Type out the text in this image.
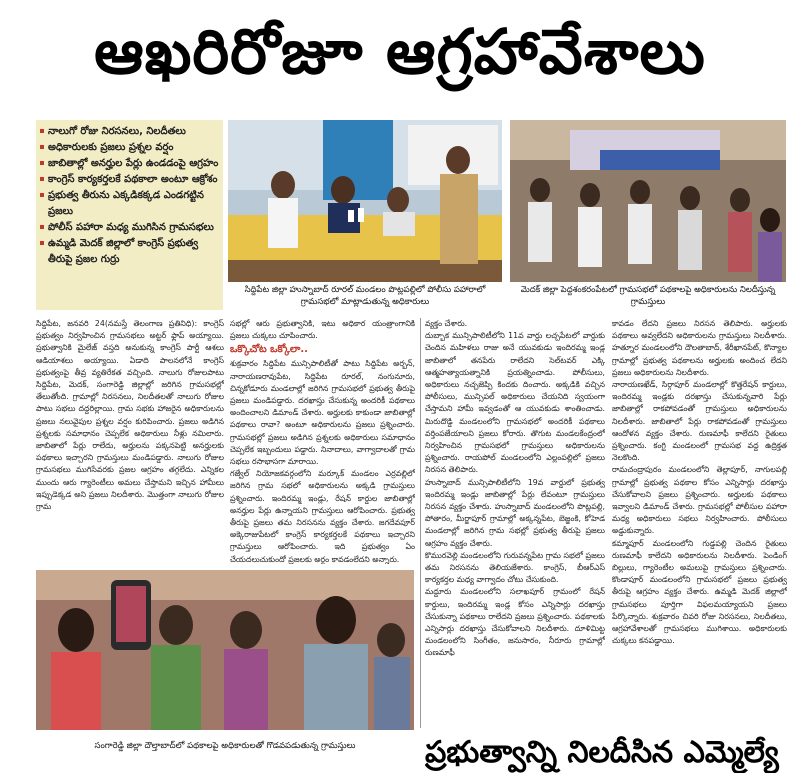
ఆఖరిరోజూ ఆగ్రహావేశాలు
నాలుగో రోజు నిరసనలు, నిలదీతలు
అధికారులకు ప్రజలు ప్రశ్నల వర్షం
జాబితాల్లో అనర్హుల పేర్లు ఉండడంపై ఆగ్రహం
కాంగ్రెస్ కార్యకర్తలకే పథకాలా అంటూ ఆక్రోశం
ప్రభుత్వ తీరును ఎక్కడికక్కడ ఎండగట్టిన ప్రజలు
పోలీస్ పహారా మధ్య ముగిసిన గ్రామసభలు
ఉమ్మడి మెదక్ జిల్లాలో కాంగ్రెస్ ప్రభుత్వ తీరుపై ప్రజల గుర్రు
సిద్దిపేట జిల్లా హుస్నాబాద్ రూరల్ మండలం పొట్లపల్లిలో పోలీసు పహారాలో గ్రామసభలో మాట్లాడుతున్న అధికారులు
మెదక్ జిల్లా పెద్దశంకరంపేటలో గ్రామసభలో పథకాలపై అధికారులను నిలదీస్తున్న గ్రామస్తులు

సిద్దిపేట, జనవరి 24(నమస్తే తెలంగాణ ప్రతినిధి): కాంగ్రెస్ ప్రభుత్వం నిర్వహించిన గ్రామసభలు అట్టర్ ఫ్లాప్ అయ్యాయి. ప్రభుత్వానికి మైలేజ్ వస్తది అనుకున్న కాంగ్రెస్ పార్టీ ఆశలు ఆడియాశలు అయ్యాయి. ఏడాది పాలనలోనే కాంగ్రెస్ ప్రభుత్వంపై తీవ్ర వ్యతిరేకత వచ్చింది. నాలుగు రోజులపాటు సిద్దిపేట, మెదక్, సంగారెడ్డి జిల్లాల్లో జరిగిన గ్రామసభల్లో తేలుతోంది. గ్రామాల్లో నిరసనలు, నిలదీతలతో నాలుగు రోజుల పాటు సభలు దద్దరిల్లాయి. గ్రామ సభకు హాజరైన అధికారులను ప్రజలు నలువైపుల ప్రశ్నల వర్షం కురిపించారు. ప్రజలు అడిగిన ప్రశ్నలకు సమాధానం చెప్పలేక అధికారులు నీళ్లు నమిలారు. జాబితాలో పేర్లు రాలేదు, అర్హులను పక్కనపెట్టి అనర్హులకు పథకాలు ఇచ్చారని గ్రామస్తులు మండిపడ్డారు. నాలుగు రోజుల గ్రామసభలు ముగిసేవరకు ప్రజల ఆగ్రహం తగ్గలేదు. ఎన్నికల ముందు ఆరు గ్యారెంటీలు అమలు చేస్తామని ఇచ్చిన హామీలు ఇప్పుడెక్కడ అని ప్రజలు నిలదీశారు. మొత్తంగా నాలుగు రోజుల గ్రామ

సభల్లో ఆరు ప్రభుత్వానికి, ఇటు అధికార యంత్రాంగానికి ప్రజలు చుక్కలు చూపించారు.

ఒక్కొచోట ఒక్కోలా..

శుక్రవారం సిద్దిపేట మున్సిపాలిటీతో పాటు సిద్దిపేట అర్బన్, నారాయణరావుపేట, సిద్దిపేట రూరల్, నంగునూరు, చిన్నకోడూరు మండలాల్లో జరిగిన గ్రామసభలో ప్రభుత్వ తీరుపై ప్రజలు మండిపడ్డారు. దరఖాస్తు చేసుకున్న అందరికీ పథకాలు అందించాలని డిమాండ్ చేశారు. అర్హులకు కాకుండా జాబితాల్లో పథకాలు రావా? అంటూ అధికారులను ప్రజలు ప్రశ్నించారు. గ్రామసభల్లో ప్రజలు అడిగిన ప్రశ్నలకు అధికారులు సమాధానం చెప్పలేక ఇబ్బందులు పడ్డారు. నినాదాలు, వాగ్వాదాలతో గ్రామ సభలు రసాభాసగా మారాయి.

గజ్వేల్ నియోజకవర్గంలోని మర్కూక్ మండలం ఎర్రవల్లిలో జరిగిన గ్రామ సభలో అధికారులను అక్కడి గ్రామస్తులు ప్రశ్నించారు. ఇందిరమ్మ ఇండ్లు, రేషన్ కార్డుల జాబితాల్లో అనర్హుల పేర్లు ఉన్నాయని గ్రామస్తులు ఆరోపించారు. ప్రభుత్వ తీరుపై ప్రజలు తమ నిరసనను వ్యక్తం చేశారు. జగదేవపూర్ అక్కెరాజుపేటలో కాంగ్రెస్ కార్యకర్తలకే పథకాలు ఇచ్చారని గ్రామస్తులు ఆరోపించారు. ఇది ప్రభుత్వం ఏం చేయదలుచుకుందో ప్రజలకు అర్థం కావడంలేదని అన్నారు.

వ్యక్తం చేశారు.

దుబ్బాక మున్సిపాలిటీలోని 11వ వార్డు లచ్చపేటలో వార్డుకు చెందిన మహిళలు రాజు అనే యువకుడు ఇందిరమ్మ ఇండ్ల జాబితాలో తనపేరు రాలేదని సెల్‌టవర్ ఎక్కి ఆత్మహత్యాయత్నానికి ప్రయత్నించాడు. పోలీసులు, అధికారులు నచ్చజెప్పి కిందకు దించారు. అక్కడికి వచ్చిన పోలీసులు, మున్సిపల్ అధికారులు చేయనిది స్వయంగా చేస్తామని హామీ ఇవ్వడంతో ఆ యువకుడు శాంతించాడు. మిరుదొడ్డి మండలంలోని గ్రామసభలో అందరికీ పథకాలు వర్తింపజేయాలని ప్రజలు కోరారు. తొగుట మండలకేంద్రంలో నిర్వహించిన గ్రామసభలో గ్రామస్తులు అధికారులను ప్రశ్నించారు. రాయపోల్ మండలంలోని ఎల్లంపల్లిలో ప్రజలు నిరసన తెలిపారు.

హుస్నాబాద్ మున్సిపాలిటీలోని 19వ వార్డులో ప్రభుత్వ ఇందిరమ్మ ఇండ్లు జాబితాల్లో పేర్లు లేవంటూ గ్రామస్తులు నిరసన వ్యక్తం చేశారు. హుస్నాబాద్ మండలంలోని పొట్లపల్లి, పోతారం, మీర్జాపూర్ గ్రామాల్లో అక్కన్నపేట, బెజ్జంకి, కోహెడ మండలాల్లో జరిగిన గ్రామ సభల్లో ప్రభుత్వ తీరుపై ప్రజలు ఆగ్రహం వ్యక్తం చేశారు.

కొమురవెల్లి మండలంలోని గురువన్నపేట గ్రామ సభలో ప్రజలు తమ నిరసనను తెలియజేశారు. కాంగ్రెస్, బీఆర్ఎస్ కార్యకర్తల మధ్య వాగ్వాదం చోటు చేసుకుంది.

మద్దూరు మండలంలోని సలాఖపూర్ గ్రామంలో రేషన్ కార్డులు, ఇందిరమ్మ ఇండ్ల కోసం ఎన్నిసార్లు దరఖాస్తు చేసుకున్నా పథకాలు రాలేదని ప్రజలు ప్రశ్నించారు. పథకాలకు ఎన్నిసార్లు దరఖాస్తు చేసుకోవాలని నిలదీశారు. దూళిమిట్ట మండలంలోని సింగీతం, జనుసారం, నీరూరు గ్రామాల్లో రుణమాఫీ

కావడం లేదని ప్రజలు నిరసన తెలిపారు. అర్హులకు పథకాలు అవ్వలేదని అధికారులను గ్రామస్తులు నిలదీశారు. హత్నూర మండలంలోని దౌలతాబాద్, శేరీఖానపేట్, కొన్యాల గ్రామాల్లో ప్రభుత్వ పథకాలను అర్హులకు అందించ లేదని ప్రజలు అధికారులను నిలదీశారు.

నారాయణఖేడ్, సిర్గాపూర్ మండలాల్లో కొత్తరేషన్ కార్డులు, ఇందిరమ్మ ఇండ్లకు దరఖాస్తు చేసుకున్నవారి పేర్లు జాబితాల్లో రాకపోవడంతో గ్రామస్తులు అధికారులను నిలదీశారు. జాబితాలో పేర్లు రాకపోవడంతో గ్రామస్తులు ఆందోళన వ్యక్తం చేశారు. రుణమాఫీ కాలేదని రైతులు ప్రశ్నించారు. కంగ్టి మండలంలో గ్రామసభ వద్ద ఉద్రిక్తత నెలకొంది.

రామచంద్రాపురం మండలంలోని తెల్లాపూర్, నాగులపల్లి గ్రామాల్లో ప్రభుత్వ పథకాల కోసం ఎన్నిసార్లు దరఖాస్తు చేసుకోవాలని ప్రజలు ప్రశ్నించారు. అర్హులకు పథకాలు ఇవ్వాలని డిమాండ్ చేశారు. గ్రామసభల్లో పోలీసుల పహారా మధ్య అధికారులు సభలు నిర్వహించారు. పోలీసులు అడ్డుకున్నారు.

కమ్మాపూర్ మండలంలోని గుడ్డపల్లి చెందిన రైతులు రుణమాఫీ కాలేదని అధికారులను నిలదీశారు. పెండింగ్ బిల్లులు, గ్యారెంటీల అమలుపై గ్రామస్తులు ప్రశ్నించారు. కొండాపూర్ మండలంలోని గ్రామసభలో ప్రజలు ప్రభుత్వ తీరుపై ఆగ్రహం వ్యక్తం చేశారు. ఉమ్మడి మెదక్ జిల్లాలో గ్రామసభలు పూర్తిగా విఫలమయ్యాయని ప్రజలు పేర్కొన్నారు. శుక్రవారం చివరి రోజు నిరసనలు, నిలదీతలు, ఆగ్రహావేశాలతో గ్రామసభలు ముగిశాయి. అధికారులకు చుక్కలు కనపడ్డాయి.

సంగారెడ్డి జిల్లా దౌల్తాబాద్‌లో పథకాలపై అధికారులతో గొడవపడుతున్న గ్రామస్తులు	ప్రభుత్వాన్ని నిలదీసిన ఎమ్మెల్యే
